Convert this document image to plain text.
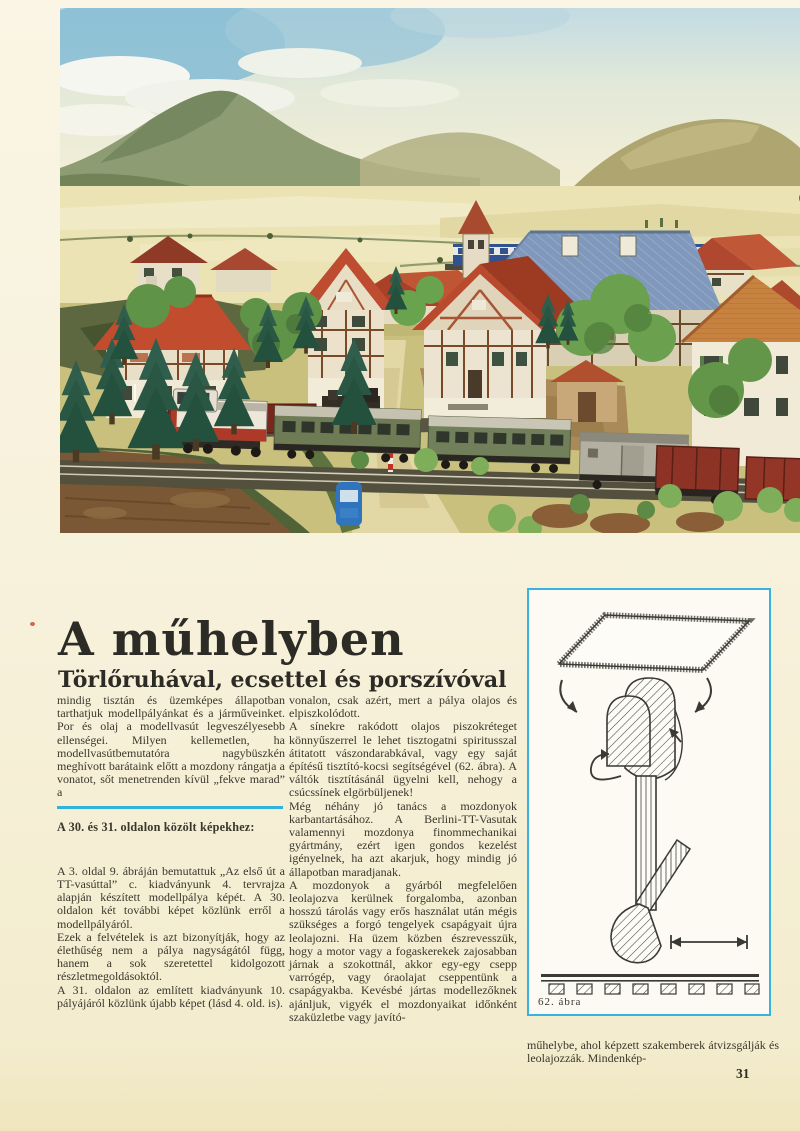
A műhelyben
Törlőruhával, ecsettel és porszívóval

mindig tisztán és üzemképes állapotban tarthatjuk modellpályánkat és a járműveinket. Por és olaj a modellvasút legveszélyesebb ellenségei. Milyen kellemetlen, ha modellvasútbemutatóra nagybüszkén meghívott barátaink előtt a mozdony rángatja a vonatot, sőt menetrenden kívül „fekve marad” a

A 30. és 31. oldalon közölt képekhez:

A 3. oldal 9. ábráján bemutattuk „Az első út a TT-vasúttal” c. kiadványunk 4. tervrajza alapján készített modellpálya képét. A 30. oldalon két további képet közlünk erről a modellpályáról.

Ezek a felvételek is azt bizonyítják, hogy az élethűség nem a pálya nagyságától függ, hanem a sok szeretettel kidolgozott részletmegoldásoktól.

A 31. oldalon az említett kiadványunk 10. pályájáról közlünk újabb képet (lásd 4. old. is).

vonalon, csak azért, mert a pálya olajos és elpiszkolódott.

A sínekre rakódott olajos piszokréteget könnyűszerrel le lehet tisztogatni spiritusszal átitatott vászondarabkával, vagy egy saját építésű tisztító-kocsi segítségével (62. ábra). A váltók tisztításánál ügyelni kell, nehogy a csúcssínek elgörbüljenek!

Még néhány jó tanács a mozdonyok karbantartásához. A Berlini-TT-Vasutak valamennyi mozdonya finommechanikai gyártmány, ezért igen gondos kezelést igényelnek, ha azt akarjuk, hogy mindig jó állapotban maradjanak.

A mozdonyok a gyárból megfelelően leolajozva kerülnek forgalomba, azonban hosszú tárolás vagy erős használat után mégis szükséges a forgó tengelyek csapágyait újra leolajozni. Ha üzem közben észrevesszük, hogy a motor vagy a fogaskerekek zajosabban járnak a szokottnál, akkor egy-egy csepp varrógép, vagy óraolajat cseppentünk a csapágyakba. Kevésbé jártas modellezőknek ajánljuk, vigyék el mozdonyaikat időnként szaküzletbe vagy javító-

62. ábra

műhelybe, ahol képzett szakemberek átvizsgálják és leolajozzák. Mindenkép-

31
